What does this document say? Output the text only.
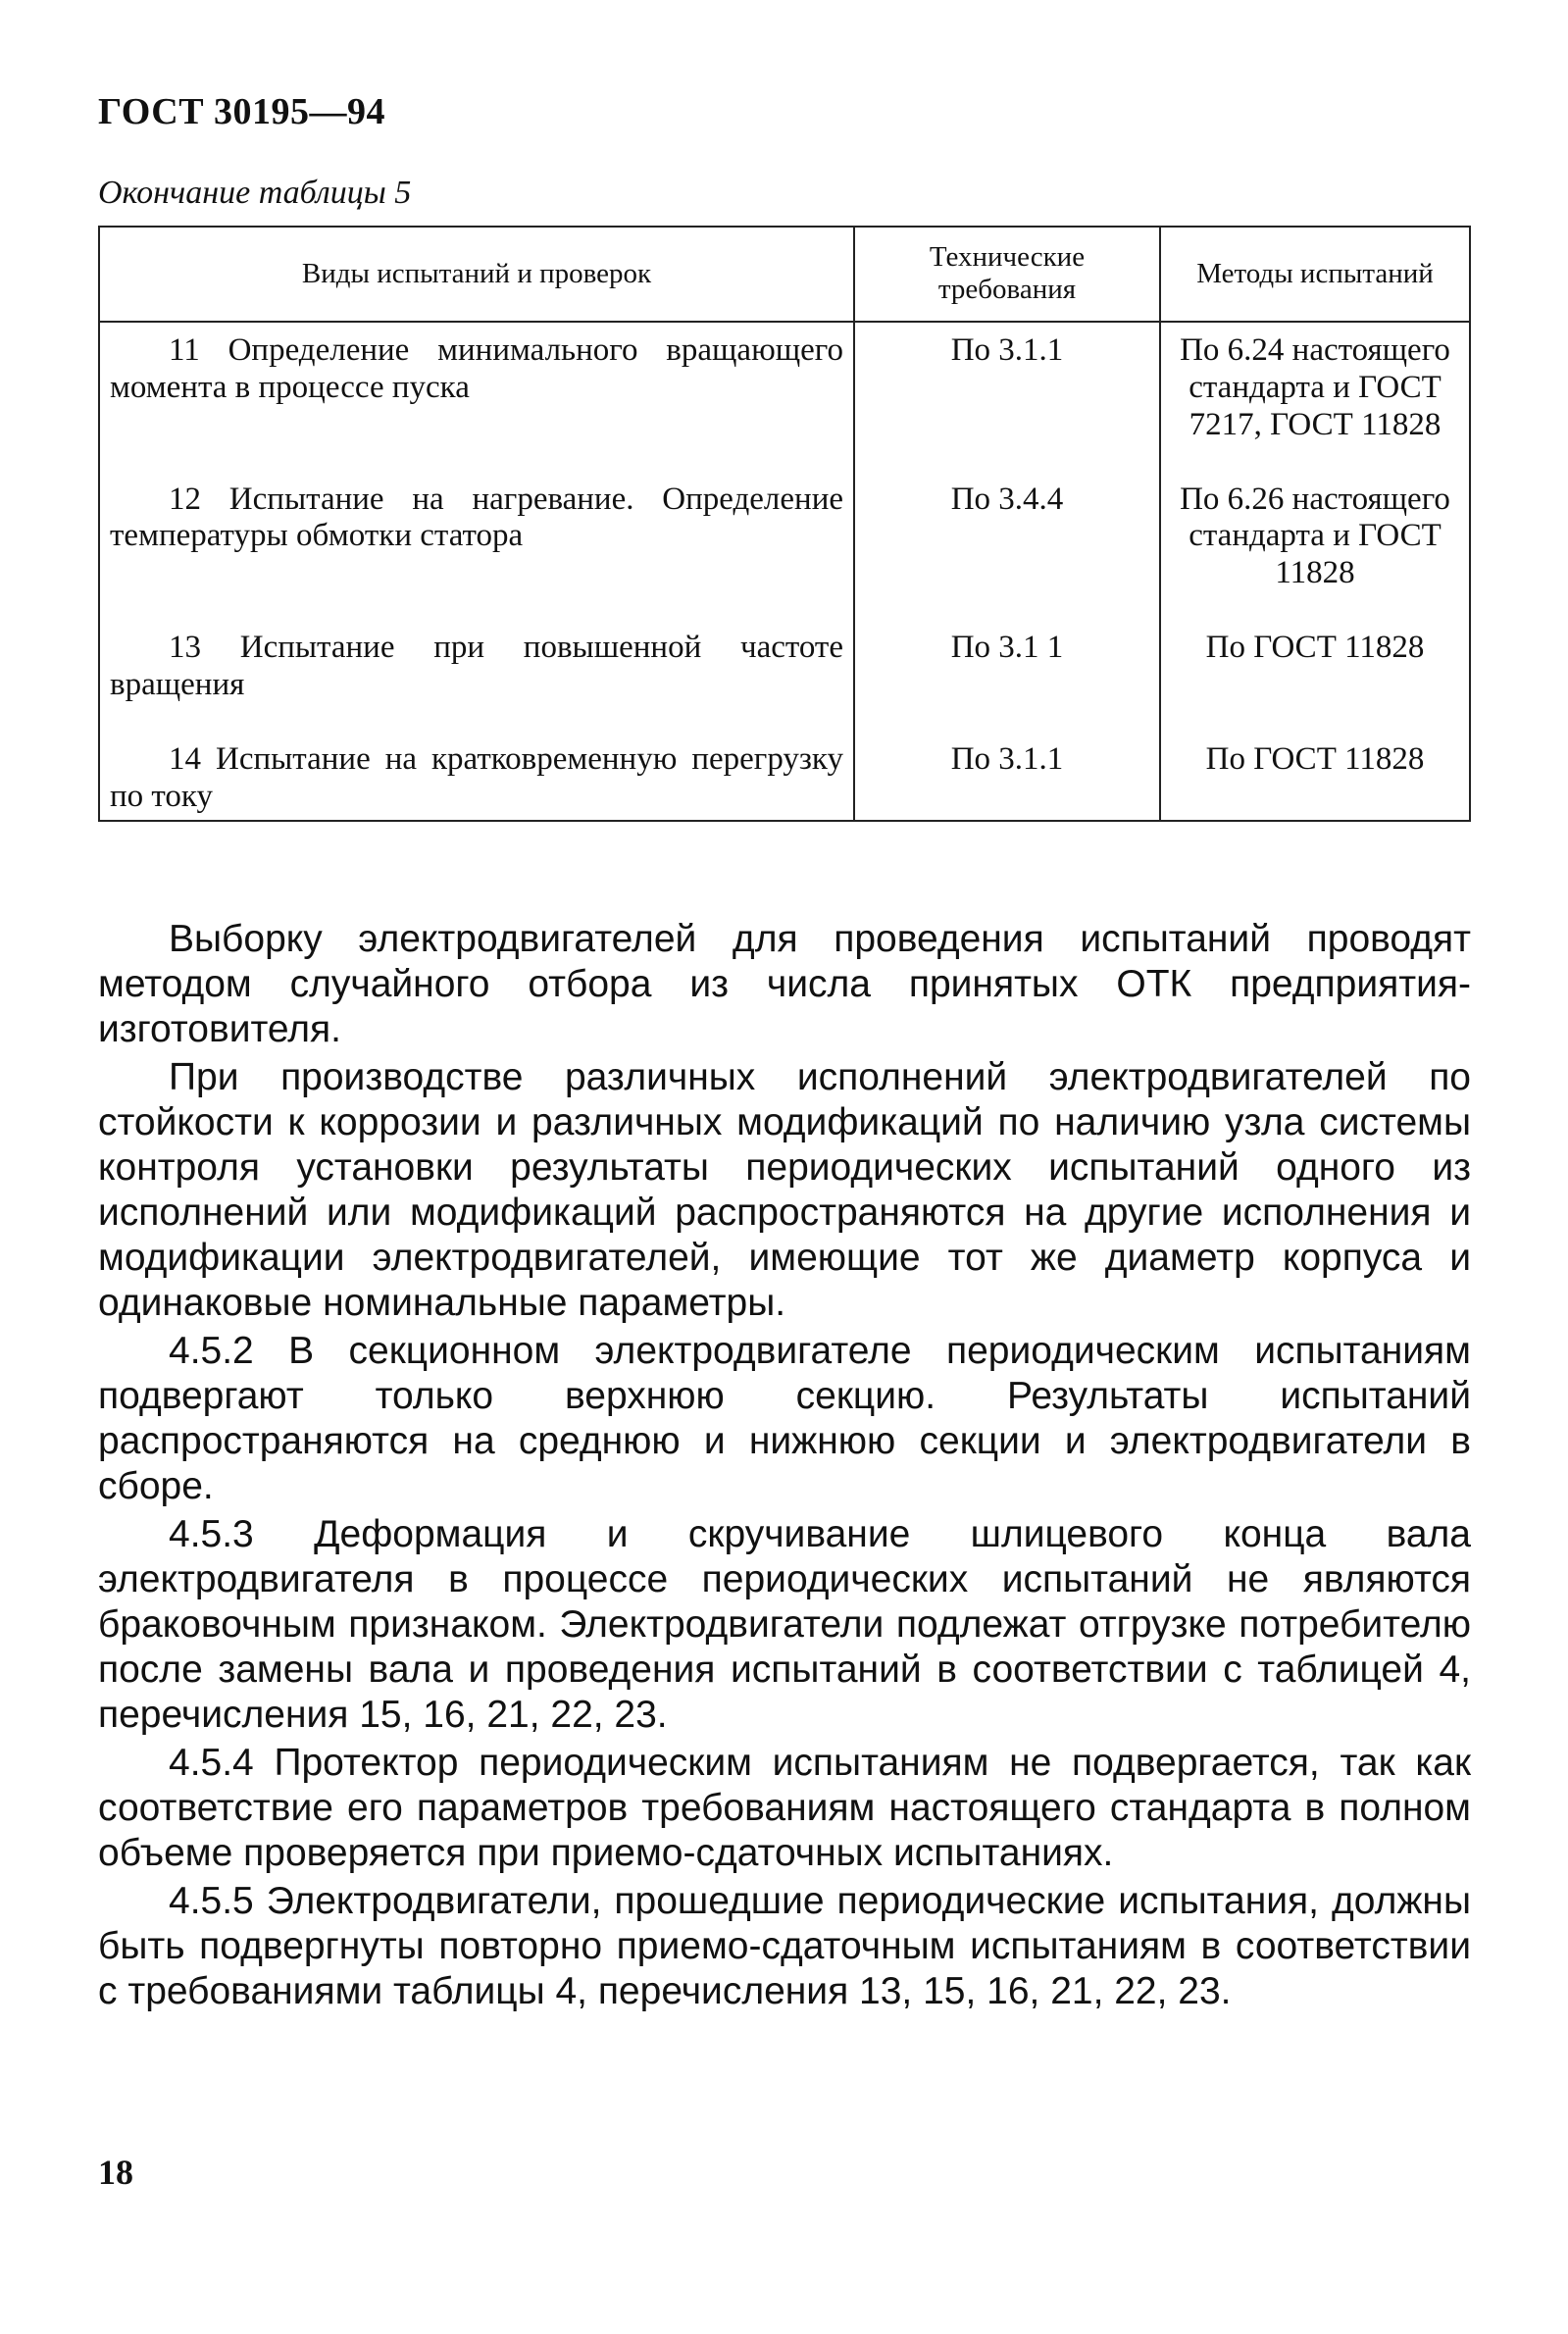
ГОСТ 30195—94
Окончание таблицы 5
Виды испытаний и проверок	Технические требования	Методы испытаний
11 Определение минимального вращающего момента в процессе пуска	По 3.1.1	По 6.24 настоящего стандарта и ГОСТ 7217, ГОСТ 11828
12 Испытание на нагревание. Определение температуры обмотки статора	По 3.4.4	По 6.26 настоящего стандарта и ГОСТ 11828
13 Испытание при повышенной частоте вращения	По 3.1 1	По ГОСТ 11828
14 Испытание на кратковременную перегрузку по току	По 3.1.1	По ГОСТ 11828

Выборку электродвигателей для проведения испытаний проводят методом случайного отбора из числа принятых ОТК предприятия-изготовителя.

При производстве различных исполнений электродвигателей по стойкости к коррозии и различных модификаций по наличию узла системы контроля установки результаты периодических испытаний одного из исполнений или модификаций распространяются на другие исполнения и модификации электродвигателей, имеющие тот же диаметр корпуса и одинаковые номинальные параметры.

4.5.2 В секционном электродвигателе периодическим испытаниям подвергают только верхнюю секцию. Результаты испытаний распространяются на среднюю и нижнюю секции и электродвигатели в сборе.

4.5.3 Деформация и скручивание шлицевого конца вала электродвигателя в процессе периодических испытаний не являются браковочным признаком. Электродвигатели подлежат отгрузке потребителю после замены вала и проведения испытаний в соответствии с таблицей 4, перечисления 15, 16, 21, 22, 23.

4.5.4 Протектор периодическим испытаниям не подвергается, так как соответствие его параметров требованиям настоящего стандарта в полном объеме проверяется при приемо-сдаточных испытаниях.

4.5.5 Электродвигатели, прошедшие периодические испытания, должны быть подвергнуты повторно приемо-сдаточным испытаниям в соответствии с требованиями таблицы 4, перечисления 13, 15, 16, 21, 22, 23.

18
